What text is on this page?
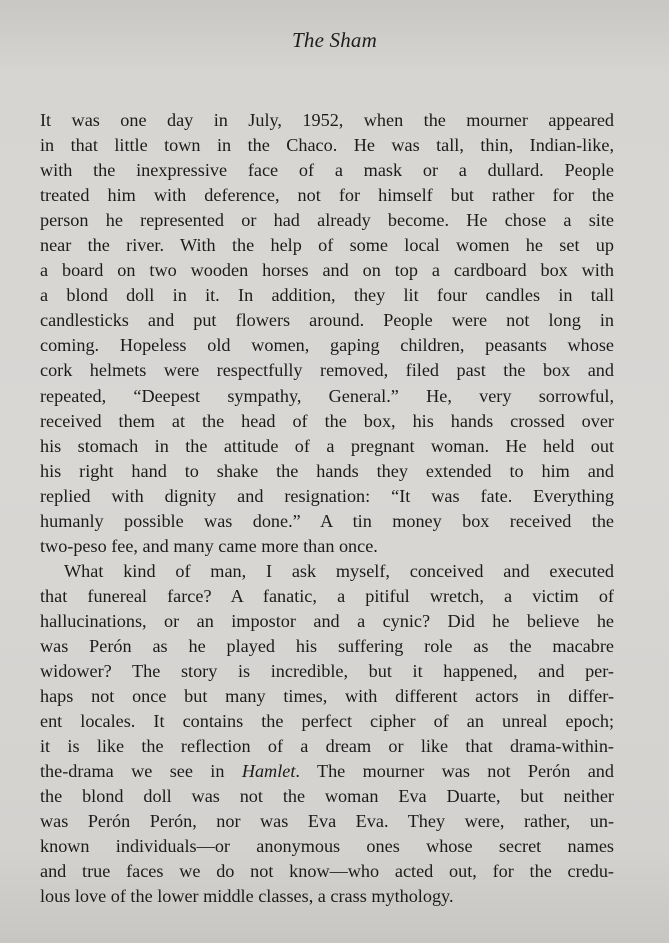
The Sham
It was one day in July, 1952, when the mourner appeared
in that little town in the Chaco. He was tall, thin, Indian-like,
with the inexpressive face of a mask or a dullard. People
treated him with deference, not for himself but rather for the
person he represented or had already become. He chose a site
near the river. With the help of some local women he set up
a board on two wooden horses and on top a cardboard box with
a blond doll in it. In addition, they lit four candles in tall
candlesticks and put flowers around. People were not long in
coming. Hopeless old women, gaping children, peasants whose
cork helmets were respectfully removed, filed past the box and
repeated, “Deepest sympathy, General.” He, very sorrowful,
received them at the head of the box, his hands crossed over
his stomach in the attitude of a pregnant woman. He held out
his right hand to shake the hands they extended to him and
replied with dignity and resignation: “It was fate. Everything
humanly possible was done.” A tin money box received the
two-peso fee, and many came more than once.
What kind of man, I ask myself, conceived and executed
that funereal farce? A fanatic, a pitiful wretch, a victim of
hallucinations, or an impostor and a cynic? Did he believe he
was Perón as he played his suffering role as the macabre
widower? The story is incredible, but it happened, and per-
haps not once but many times, with different actors in differ-
ent locales. It contains the perfect cipher of an unreal epoch;
it is like the reflection of a dream or like that drama-within-
the-drama we see in Hamlet. The mourner was not Perón and
the blond doll was not the woman Eva Duarte, but neither
was Perón Perón, nor was Eva Eva. They were, rather, un-
known individuals—or anonymous ones whose secret names
and true faces we do not know—who acted out, for the credu-
lous love of the lower middle classes, a crass mythology.
